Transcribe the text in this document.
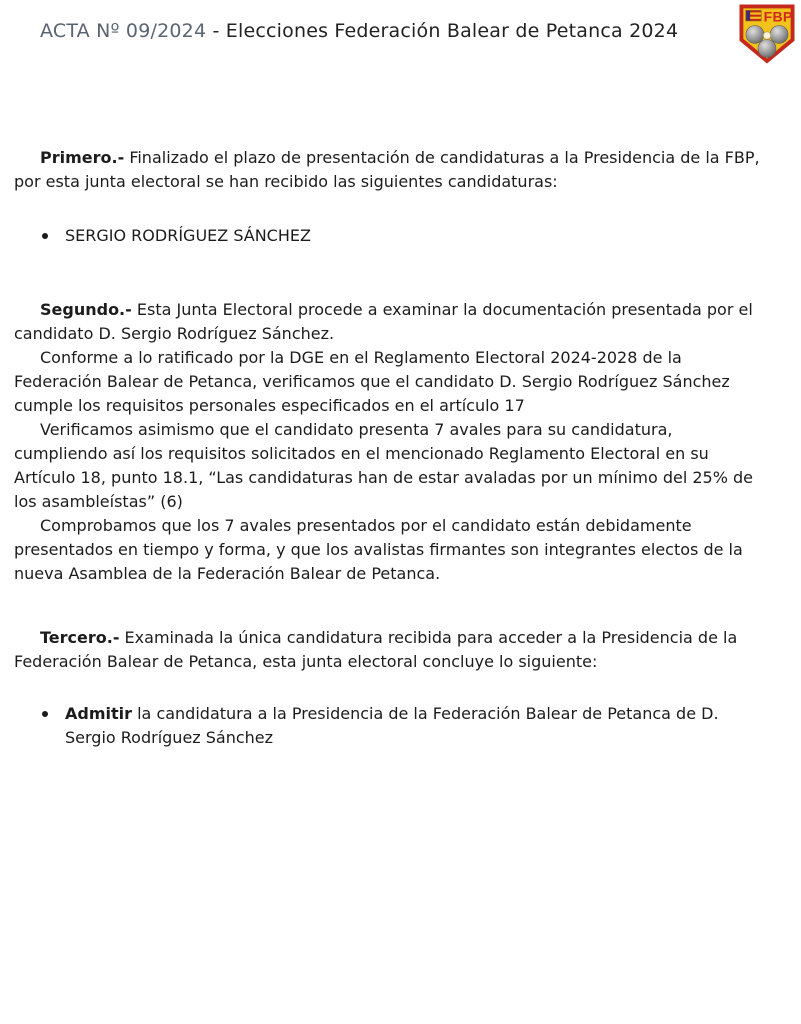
ACTA Nº 09/2024 - Elecciones Federación Balear de Petanca 2024
FBP

Primero.- Finalizado el plazo de presentación de candidaturas a la Presidencia de la FBP, por esta junta electoral se han recibido las siguientes candidaturas:

SERGIO RODRÍGUEZ SÁNCHEZ

Segundo.- Esta Junta Electoral procede a examinar la documentación presentada por el candidato D. Sergio Rodríguez Sánchez.

Conforme a lo ratificado por la DGE en el Reglamento Electoral 2024-2028 de la Federación Balear de Petanca, verificamos que el candidato D. Sergio Rodríguez Sánchez cumple los requisitos personales especificados en el artículo 17

Verificamos asimismo que el candidato presenta 7 avales para su candidatura, cumpliendo así los requisitos solicitados en el mencionado Reglamento Electoral en su Artículo 18, punto 18.1, “Las candidaturas han de estar avaladas por un mínimo del 25% de los asambleístas” (6)

Comprobamos que los 7 avales presentados por el candidato están debidamente presentados en tiempo y forma, y que los avalistas firmantes son integrantes electos de la nueva Asamblea de la Federación Balear de Petanca.

Tercero.- Examinada la única candidatura recibida para acceder a la Presidencia de la Federación Balear de Petanca, esta junta electoral concluye lo siguiente:

Admitir la candidatura a la Presidencia de la Federación Balear de Petanca de D. Sergio Rodríguez Sánchez
